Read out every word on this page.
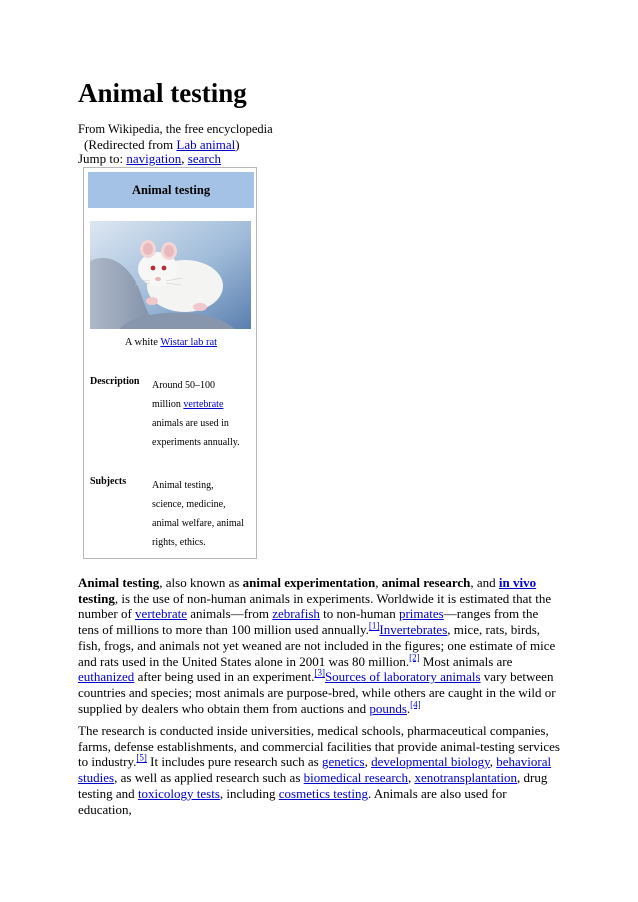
Animal testing
From Wikipedia, the free encyclopedia
(Redirected from Lab animal)
Jump to: navigation, search
Animal testing
A white Wistar lab rat
Description Around 50–100
million vertebrate
animals are used in
experiments annually.
Subjects	Animal testing,
science, medicine,
animal welfare, animal
rights, ethics.

Animal testing, also known as animal experimentation, animal research, and in vivo testing, is the use of non-human animals in experiments. Worldwide it is estimated that the number of vertebrate animals—from zebrafish to non-human primates—ranges from the tens of millions to more than 100 million used annually.[1]Invertebrates, mice, rats, birds, fish, frogs, and animals not yet weaned are not included in the figures; one estimate of mice and rats used in the United States alone in 2001 was 80 million.[2] Most animals are euthanized after being used in an experiment.[3]Sources of laboratory animals vary between countries and species; most animals are purpose-bred, while others are caught in the wild or supplied by dealers who obtain them from auctions and pounds.[4]

The research is conducted inside universities, medical schools, pharmaceutical companies, farms, defense establishments, and commercial facilities that provide animal-testing services to industry.[5] It includes pure research such as genetics, developmental biology, behavioral studies, as well as applied research such as biomedical research, xenotransplantation, drug testing and toxicology tests, including cosmetics testing. Animals are also used for education,
